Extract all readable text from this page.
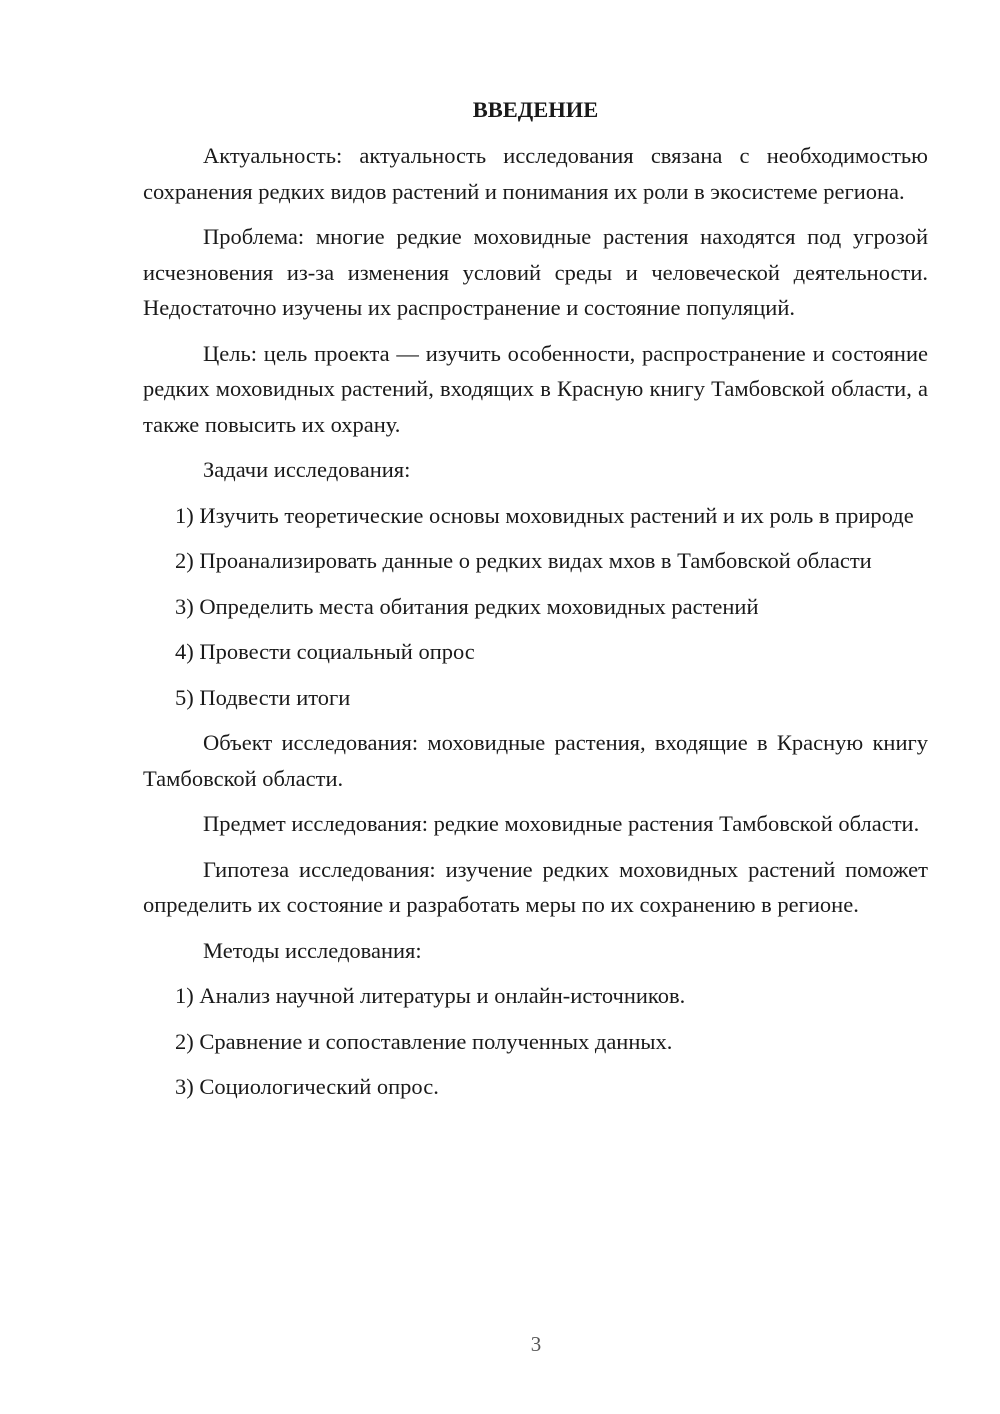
ВВЕДЕНИЕ
Актуальность: актуальность исследования связана с необходимостью сохранения редких видов растений и понимания их роли в экосистеме региона.
Проблема: многие редкие моховидные растения находятся под угрозой исчезновения из-за изменения условий среды и человеческой деятельности. Недостаточно изучены их распространение и состояние популяций.
Цель: цель проекта — изучить особенности, распространение и состояние редких моховидных растений, входящих в Красную книгу Тамбовской области, а также повысить их охрану.
Задачи исследования:
1) Изучить теоретические основы моховидных растений и их роль в природе
2) Проанализировать данные о редких видах мхов в Тамбовской области
3) Определить места обитания редких моховидных растений
4) Провести социальный опрос
5) Подвести итоги
Объект исследования: моховидные растения, входящие в Красную книгу Тамбовской области.
Предмет исследования: редкие моховидные растения Тамбовской области.
Гипотеза исследования: изучение редких моховидных растений поможет определить их состояние и разработать меры по их сохранению в регионе.
Методы исследования:
1) Анализ научной литературы и онлайн-источников.
2) Сравнение и сопоставление полученных данных.
3) Социологический опрос.
3
